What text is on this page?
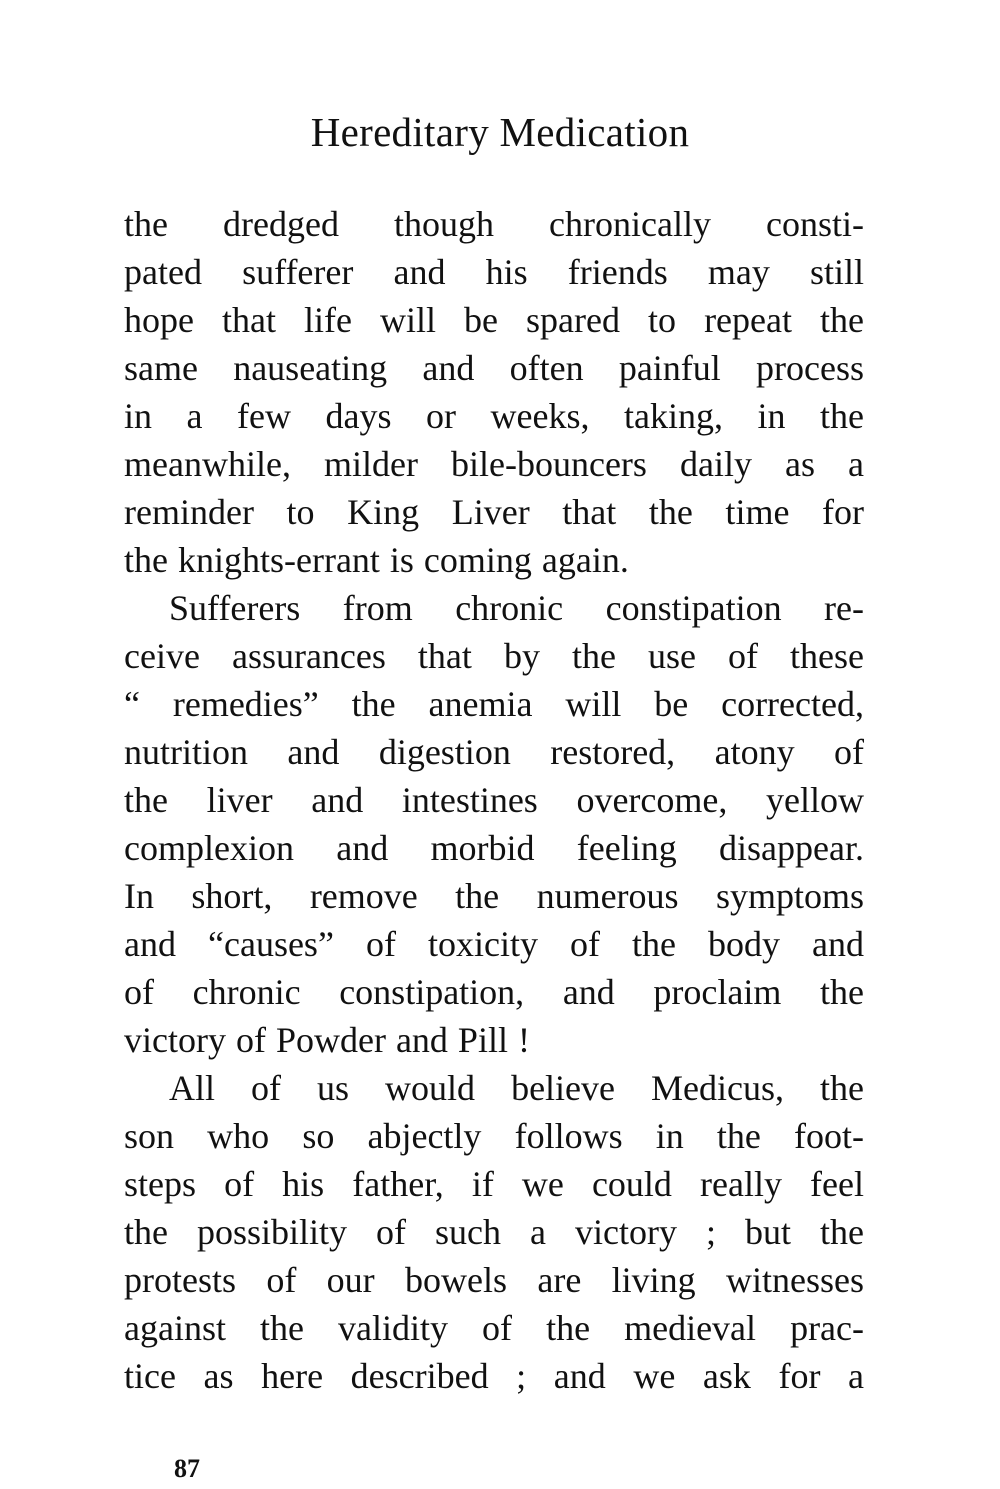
Hereditary Medication
the dredged though chronically consti-
pated sufferer and his friends may still
hope that life will be spared to repeat the
same nauseating and often painful process
in a few days or weeks, taking, in the
meanwhile, milder bile-bouncers daily as a
reminder to King Liver that the time for
the knights-errant is coming again.
Sufferers from chronic constipation re-
ceive assurances that by the use of these
“ remedies” the anemia will be corrected,
nutrition and digestion restored, atony of
the liver and intestines overcome, yellow
complexion and morbid feeling disappear.
In short, remove the numerous symptoms
and “causes” of toxicity of the body and
of chronic constipation, and proclaim the
victory of Powder and Pill !
All of us would believe Medicus, the
son who so abjectly follows in the foot-
steps of his father, if we could really feel
the possibility of such a victory ; but the
protests of our bowels are living witnesses
against the validity of the medieval prac-
tice as here described ; and we ask for a
87
